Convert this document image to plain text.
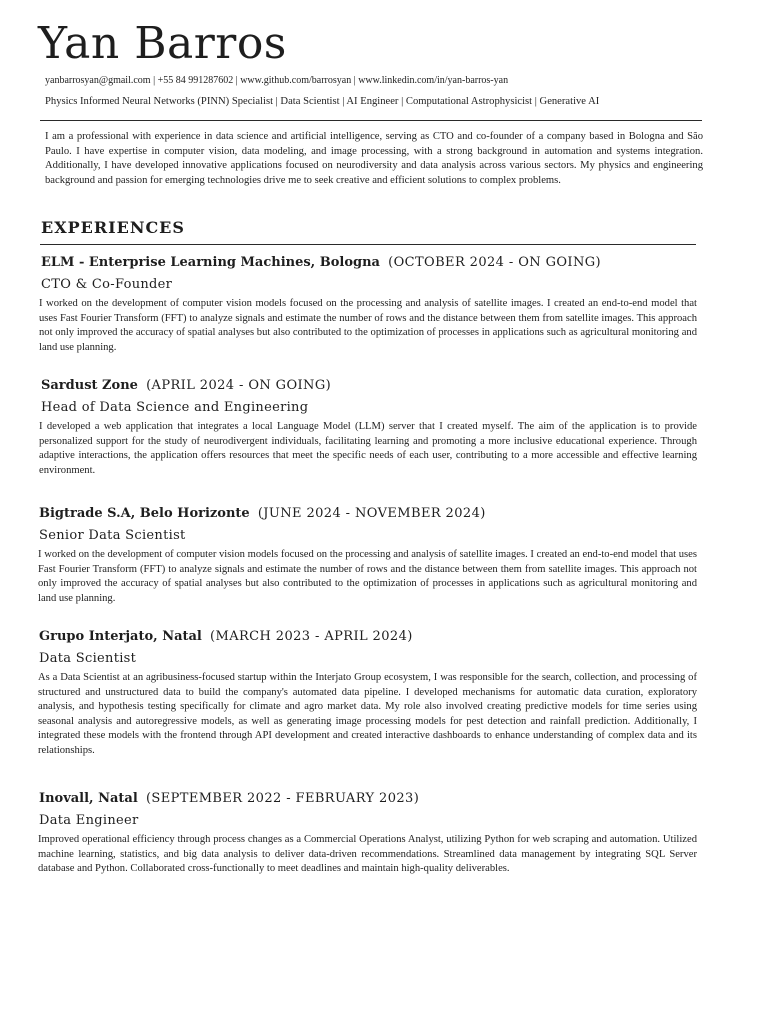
Yan Barros
yanbarrosyan@gmail.com | +55 84 991287602 | www.github.com/barrosyan | www.linkedin.com/in/yan-barros-yan
Physics Informed Neural Networks (PINN) Specialist | Data Scientist | AI Engineer | Computational Astrophysicist | Generative AI

I am a professional with experience in data science and artificial intelligence, serving as CTO and co-founder of a company based in Bologna and São Paulo. I have expertise in computer vision, data modeling, and image processing, with a strong background in automation and systems integration. Additionally, I have developed innovative applications focused on neurodiversity and data analysis across various sectors. My physics and engineering background and passion for emerging technologies drive me to seek creative and efficient solutions to complex problems.

EXPERIENCES
ELM - Enterprise Learning Machines, Bologna (OCTOBER 2024 - ON GOING)
CTO & Co-Founder

I worked on the development of computer vision models focused on the processing and analysis of satellite images. I created an end-to-end model that uses Fast Fourier Transform (FFT) to analyze signals and estimate the number of rows and the distance between them from satellite images. This approach not only improved the accuracy of spatial analyses but also contributed to the optimization of processes in applications such as agricultural monitoring and land use planning.

Sardust Zone (APRIL 2024 - ON GOING)
Head of Data Science and Engineering

I developed a web application that integrates a local Language Model (LLM) server that I created myself. The aim of the application is to provide personalized support for the study of neurodivergent individuals, facilitating learning and promoting a more inclusive educational experience. Through adaptive interactions, the application offers resources that meet the specific needs of each user, contributing to a more accessible and effective learning environment.

Bigtrade S.A, Belo Horizonte (JUNE 2024 - NOVEMBER 2024)
Senior Data Scientist

I worked on the development of computer vision models focused on the processing and analysis of satellite images. I created an end-to-end model that uses Fast Fourier Transform (FFT) to analyze signals and estimate the number of rows and the distance between them from satellite images. This approach not only improved the accuracy of spatial analyses but also contributed to the optimization of processes in applications such as agricultural monitoring and land use planning.

Grupo Interjato, Natal (MARCH 2023 - APRIL 2024)
Data Scientist

As a Data Scientist at an agribusiness-focused startup within the Interjato Group ecosystem, I was responsible for the search, collection, and processing of structured and unstructured data to build the company's automated data pipeline. I developed mechanisms for automatic data curation, exploratory analysis, and hypothesis testing specifically for climate and agro market data. My role also involved creating predictive models for time series using seasonal analysis and autoregressive models, as well as generating image processing models for pest detection and rainfall prediction. Additionally, I integrated these models with the frontend through API development and created interactive dashboards to enhance understanding of complex data and its relationships.

Inovall, Natal (SEPTEMBER 2022 - FEBRUARY 2023)
Data Engineer

Improved operational efficiency through process changes as a Commercial Operations Analyst, utilizing Python for web scraping and automation. Utilized machine learning, statistics, and big data analysis to deliver data-driven recommendations. Streamlined data management by integrating SQL Server database and Python. Collaborated cross-functionally to meet deadlines and maintain high-quality deliverables.
